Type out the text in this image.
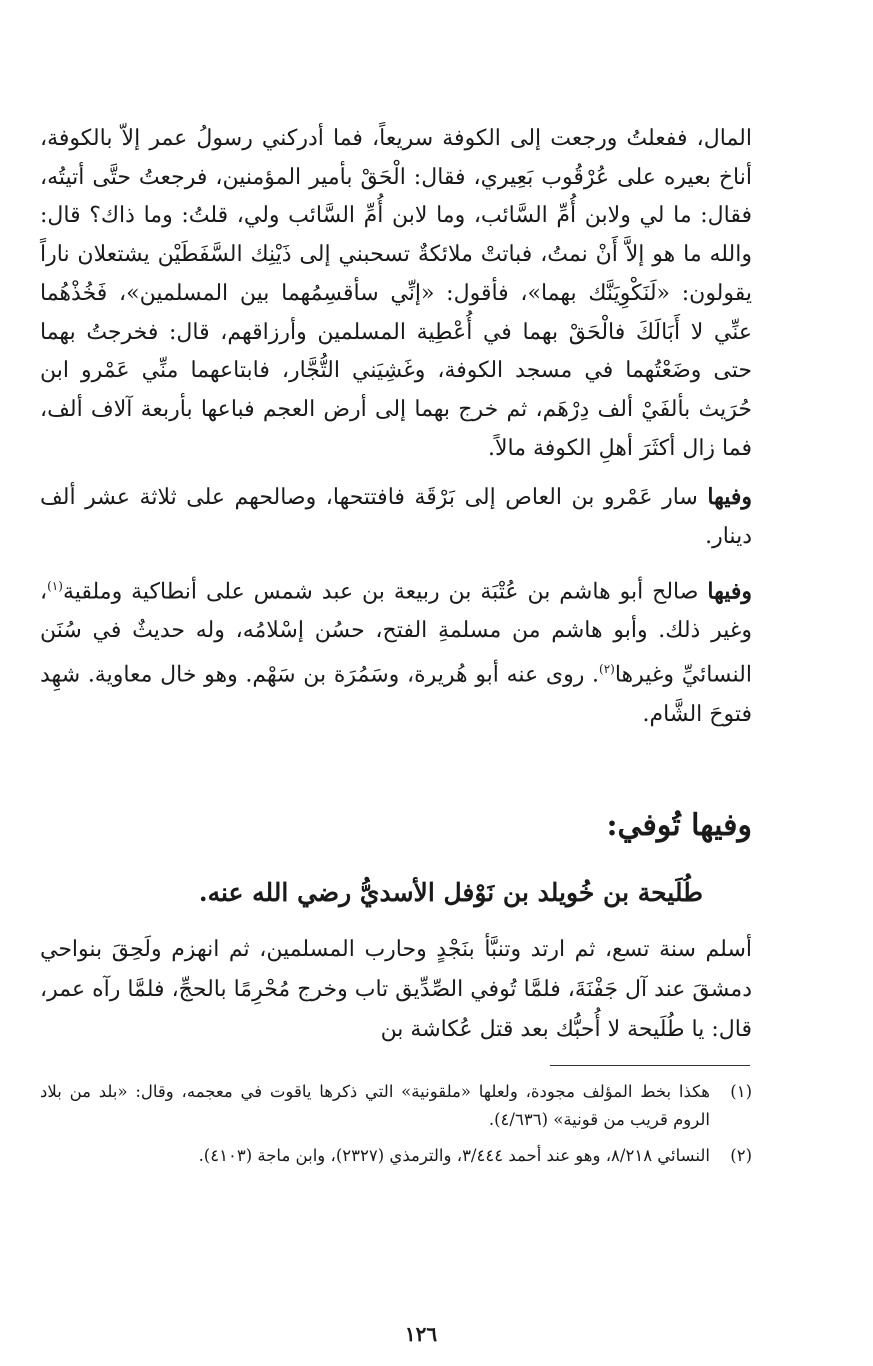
المال، ففعلتُ ورجعت إلى الكوفة سريعاً، فما أدركني رسولُ عمر إلاّ بالكوفة، أناخ بعيره على عُرْقُوب بَعِيري، فقال: الْحَقْ بأمير المؤمنين، فرجعتُ حتَّى أتيتُه، فقال: ما لي ولابن أُمِّ السَّائب، وما لابن أُمِّ السَّائب ولي، قلتُ: وما ذاك؟ قال: والله ما هو إلاَّ أَنْ نمتُ، فباتتْ ملائكةٌ تسحبني إلى ذَيْنِك السَّفَطَيْن يشتعلان ناراً يقولون: «لَنَكْوِيَنَّك بهما»، فأقول: «إنِّي سأقسِمُهما بين المسلمين»، فَخُذْهُما عنِّي لا أَبَالَكَ فالْحَقْ بهما في أُعْطِية المسلمين وأرزاقهم، قال: فخرجتُ بهما حتى وضَعْتُهما في مسجد الكوفة، وغَشِيَني التُّجَّار، فابتاعهما منِّي عَمْرو ابن حُرَيث بألفَيْ ألف دِرْهَم، ثم خرج بهما إلى أرض العجم فباعها بأربعة آلاف ألف، فما زال أكثَرَ أهلِ الكوفة مالاً.

وفيها سار عَمْرو بن العاص إلى بَرْقَة فافتتحها، وصالحهم على ثلاثة عشر ألف دينار.

وفيها صالح أبو هاشم بن عُتْبَة بن ربيعة بن عبد شمس على أنطاكية وملقية$^{(١)}$، وغير ذلك. وأبو هاشم من مسلمةِ الفتح، حسُن إسْلامُه، وله حديثٌ في سُنَن النسائيِّ وغيرها$^{(٢)}$. روى عنه أبو هُريرة، وسَمُرَة بن سَهْم. وهو خال معاوية. شهِد فتوحَ الشَّام.

وفيها تُوفي:
طُلَيحة بن خُويلد بن نَوْفل الأسديُّ رضي الله عنه.

أسلم سنة تسع، ثم ارتد وتنبَّأ بنَجْدٍ وحارب المسلمين، ثم انهزم ولَحِقَ بنواحي دمشقَ عند آل جَفْنَةَ، فلمَّا تُوفي الصِّدِّيق تاب وخرج مُحْرِمًا بالحجِّ، فلمَّا رآه عمر، قال: يا طُلَيحة لا أُحبُّك بعد قتل عُكاشة بن

(١)
هكذا بخط المؤلف مجودة، ولعلها «ملقونية» التي ذكرها ياقوت في معجمه، وقال: «بلد من بلاد الروم قريب من قونية» (٤/٦٣٦).
(٢)
النسائي ٨/٢١٨، وهو عند أحمد ٣/٤٤٤، والترمذي (٢٣٢٧)، وابن ماجة (٤١٠٣).
١٢٦
